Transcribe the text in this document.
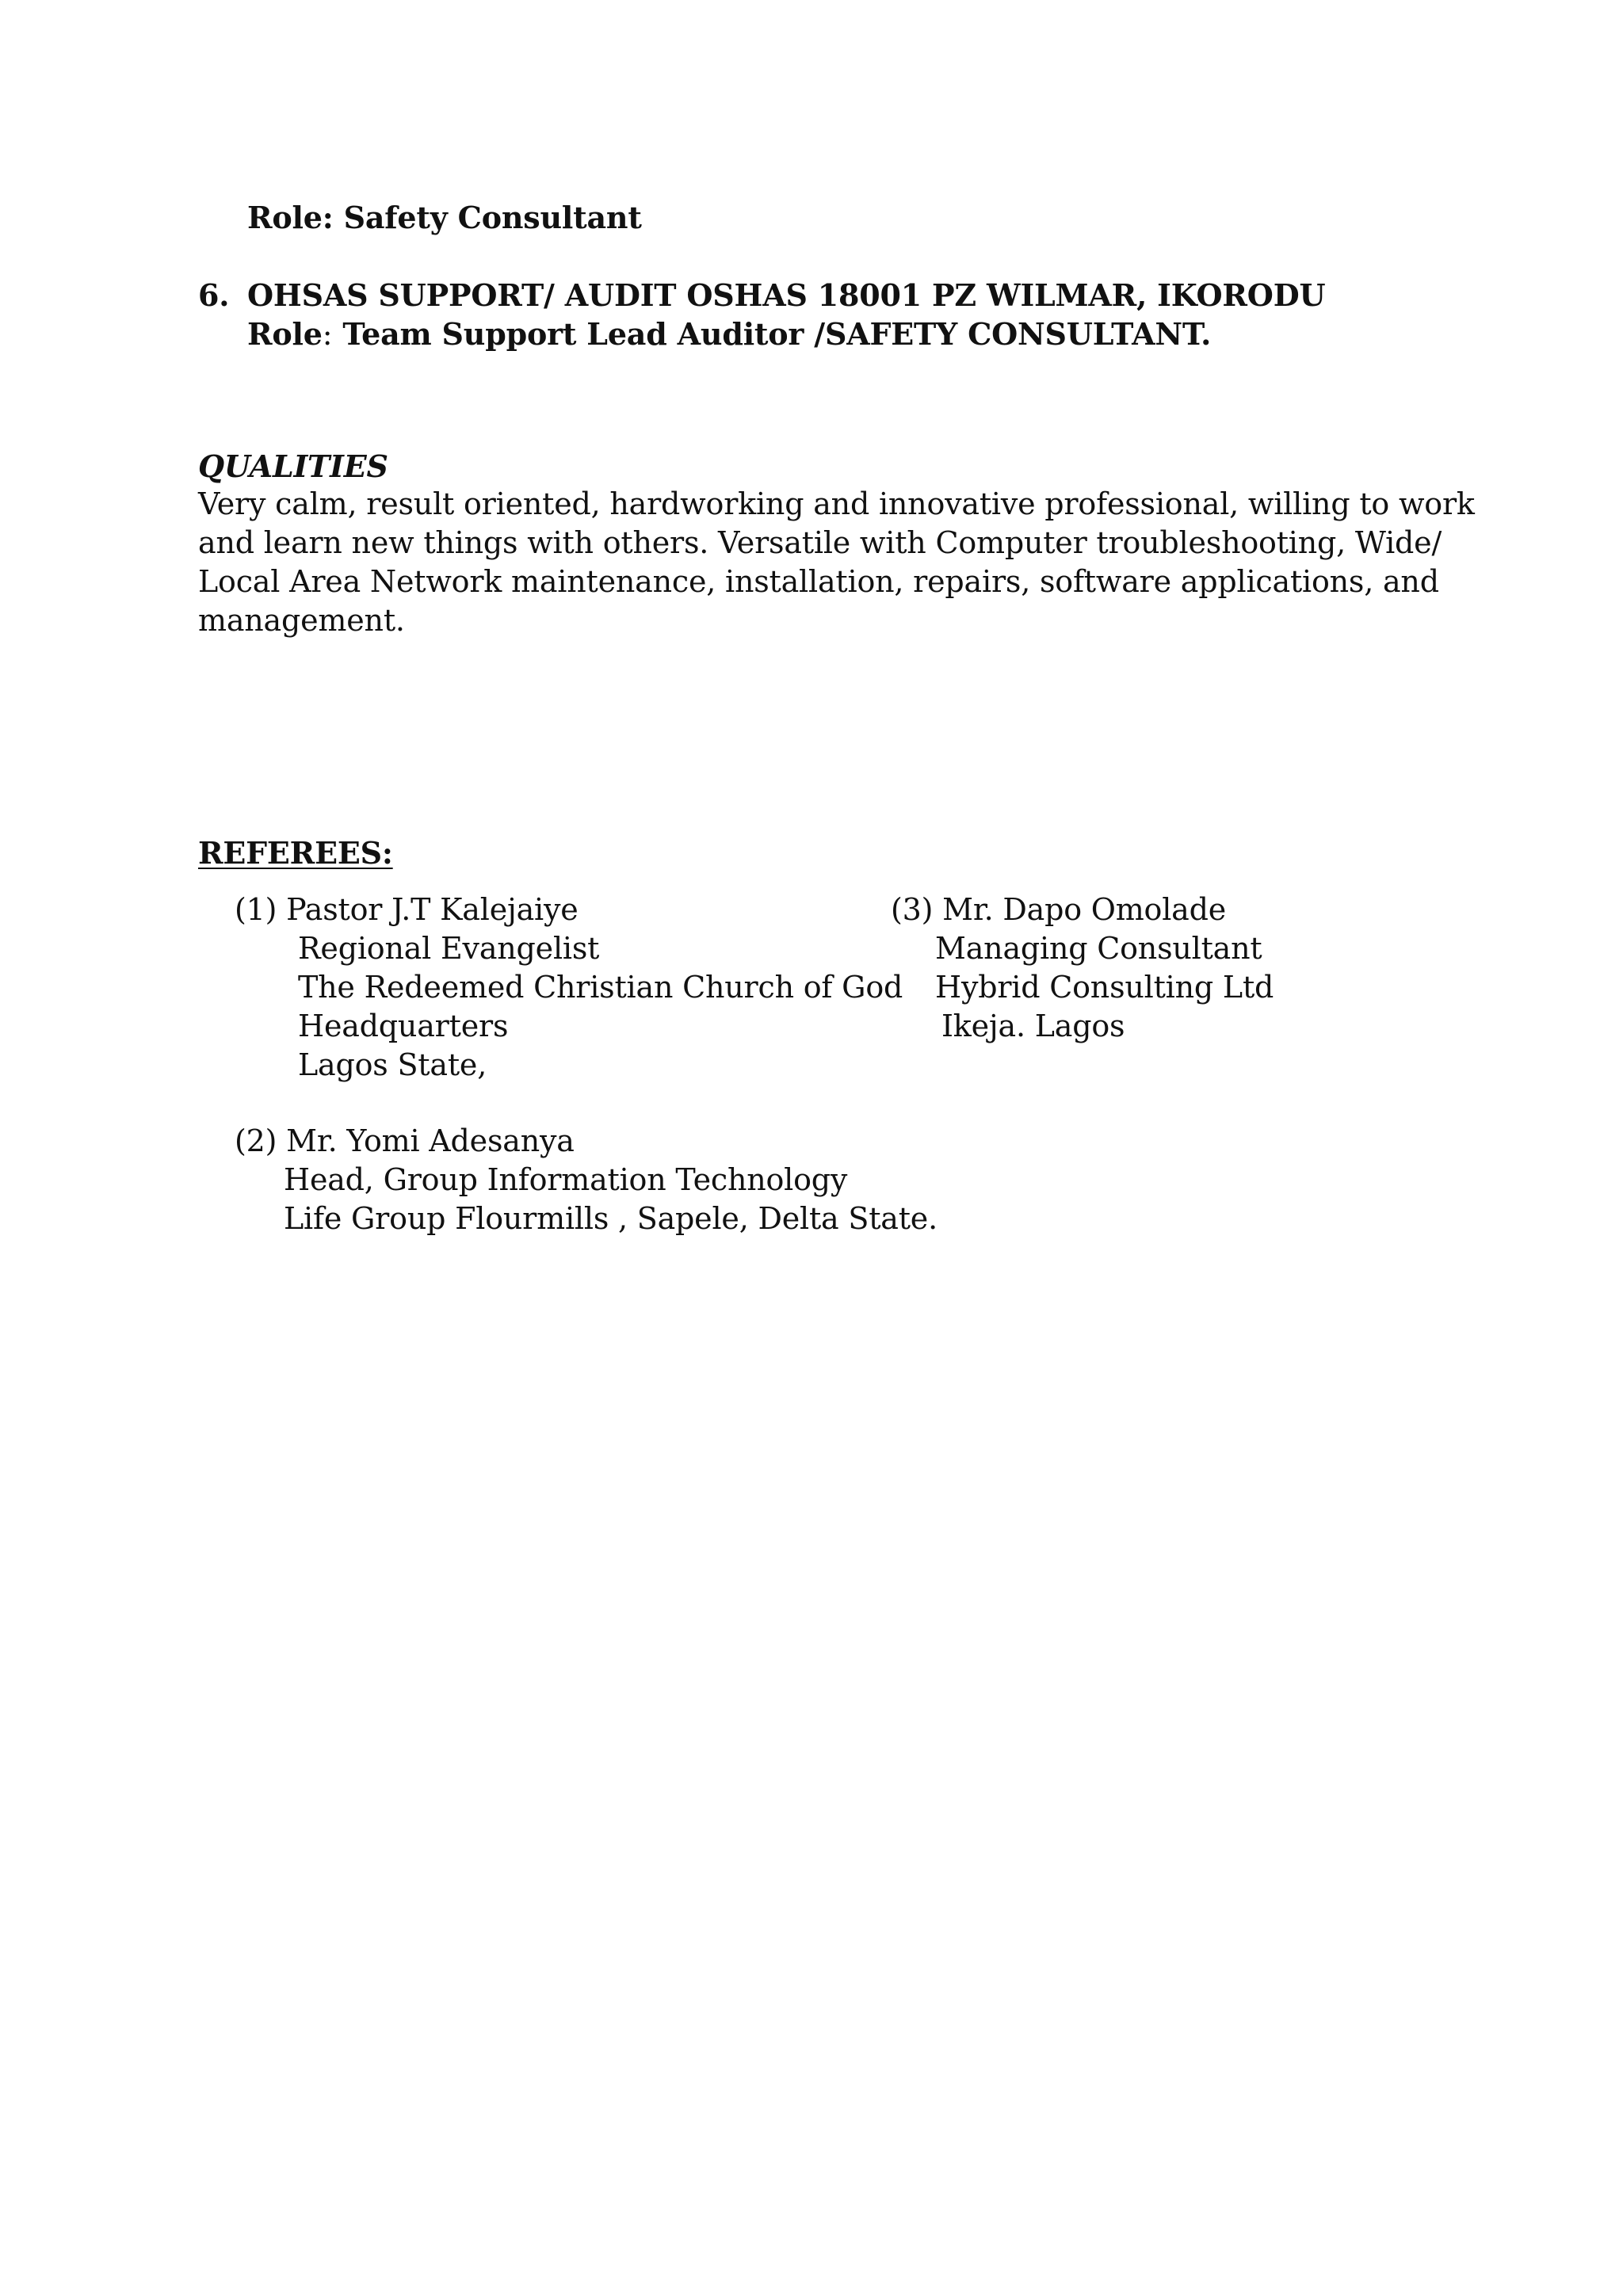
Role: Safety Consultant
6. OHSAS SUPPORT/ AUDIT OSHAS 18001 PZ WILMAR, IKORODU
Role: Team Support Lead Auditor /SAFETY CONSULTANT.
QUALITIES
Very calm, result oriented, hardworking and innovative professional, willing to work
and learn new things with others. Versatile with Computer troubleshooting, Wide/
Local Area Network maintenance, installation, repairs, software applications, and
management.
REFEREES:
(1) Pastor J.T Kalejaiye
Regional Evangelist
The Redeemed Christian Church of God
Headquarters
Lagos State,
(3) Mr. Dapo Omolade
Managing Consultant
Hybrid Consulting Ltd
Ikeja. Lagos
(2) Mr. Yomi Adesanya
Head, Group Information Technology
Life Group Flourmills , Sapele, Delta State.
